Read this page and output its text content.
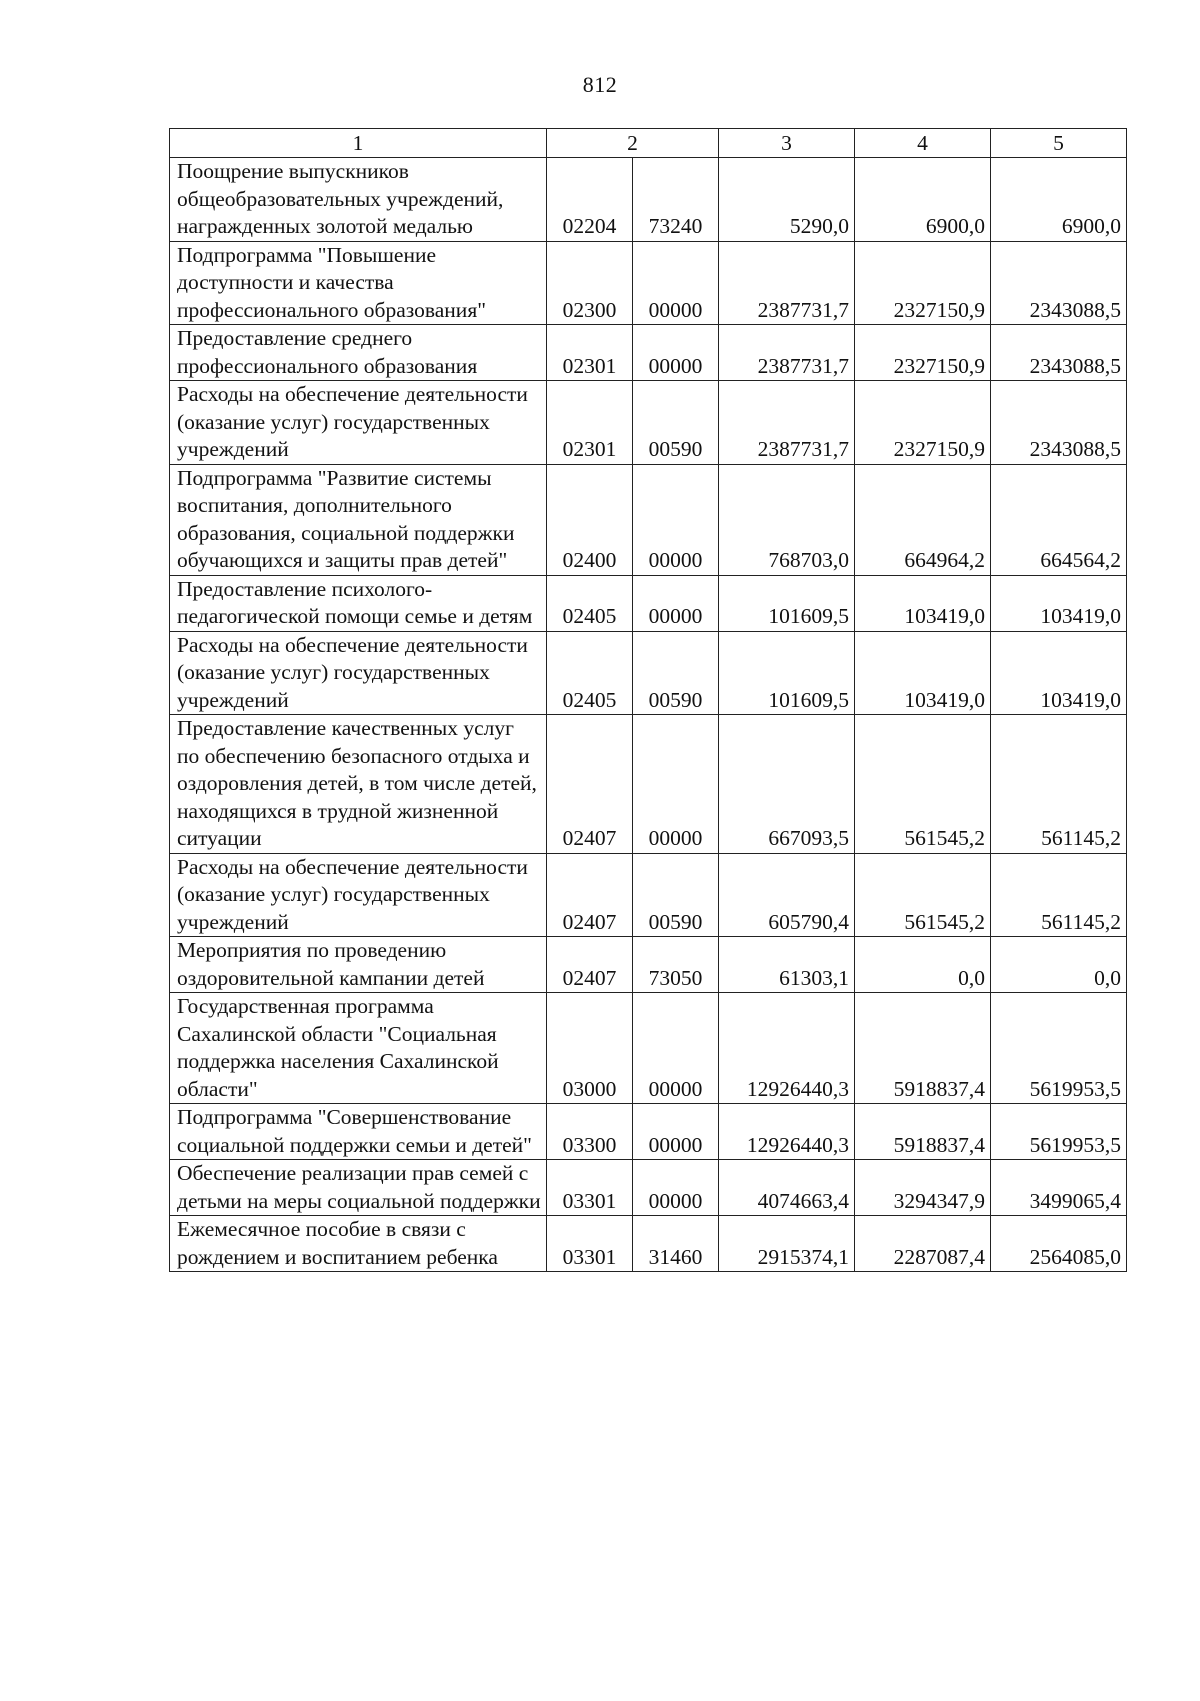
812
1	2		3	4	5
Поощрение выпускников общеобразовательных учреждений, награжденных золотой медалью	02204	73240	5290,0	6900,0	6900,0
Подпрограмма "Повышение доступности и качества профессионального образования"	02300	00000	2387731,7	2327150,9	2343088,5
Предоставление среднего профессионального образования	02301	00000	2387731,7	2327150,9	2343088,5
Расходы на обеспечение деятельности (оказание услуг) государственных учреждений	02301	00590	2387731,7	2327150,9	2343088,5
Подпрограмма "Развитие системы воспитания, дополнительного образования, социальной поддержки обучающихся и защиты прав детей"	02400	00000	768703,0	664964,2	664564,2
Предоставление психолого-педагогической помощи семье и детям	02405	00000	101609,5	103419,0	103419,0
Расходы на обеспечение деятельности (оказание услуг) государственных учреждений	02405	00590	101609,5	103419,0	103419,0
Предоставление качественных услуг по обеспечению безопасного отдыха и оздоровления детей, в том числе детей, находящихся в трудной жизненной ситуации	02407	00000	667093,5	561545,2	561145,2
Расходы на обеспечение деятельности (оказание услуг) государственных учреждений	02407	00590	605790,4	561545,2	561145,2
Мероприятия по проведению оздоровительной кампании детей	02407	73050	61303,1	0,0	0,0
Государственная программа Сахалинской области "Социальная поддержка населения Сахалинской области"	03000	00000	12926440,3	5918837,4	5619953,5
Подпрограмма "Совершенствование социальной поддержки семьи и детей"	03300	00000	12926440,3	5918837,4	5619953,5
Обеспечение реализации прав семей с детьми на меры социальной поддержки	03301	00000	4074663,4	3294347,9	3499065,4
Ежемесячное пособие в связи с рождением и воспитанием ребенка	03301	31460	2915374,1	2287087,4	2564085,0
